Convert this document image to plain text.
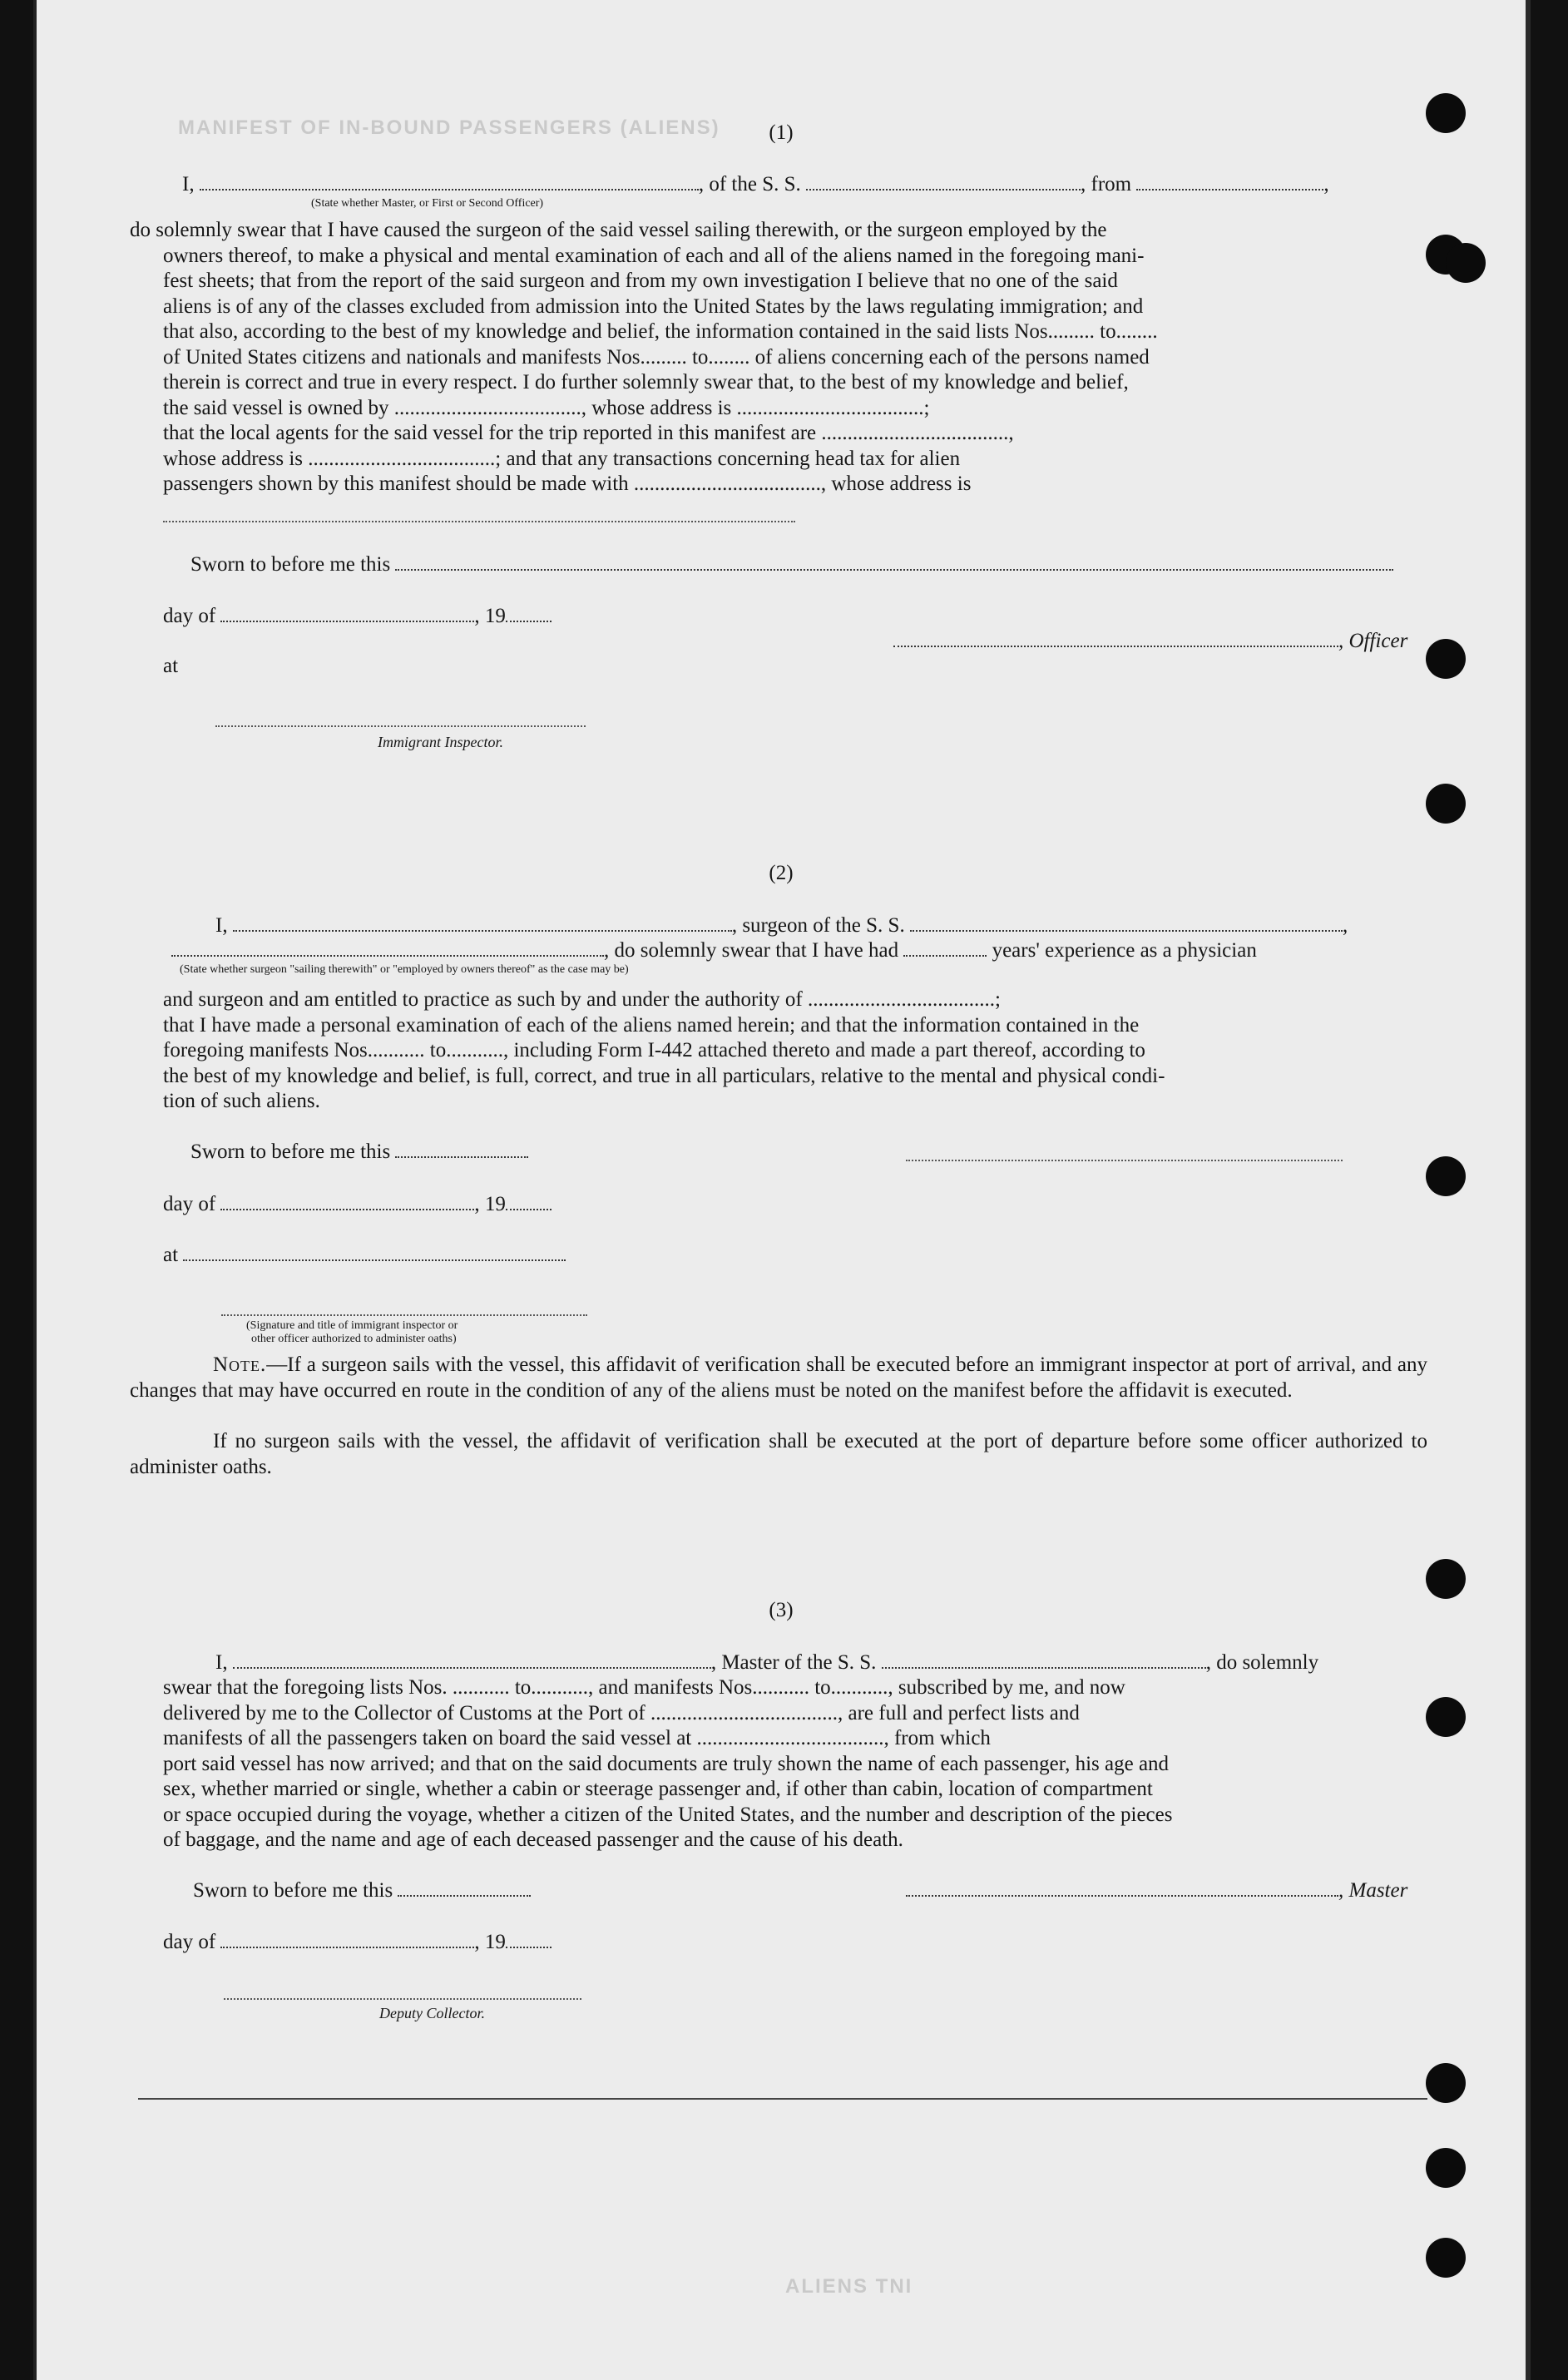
MANIFEST OF IN-BOUND PASSENGERS (ALIENS)
ALIENS TNI
(1)
I,	, of the S. S.	, from	,
(State whether Master, or First or Second Officer)
do solemnly swear that I have caused the surgeon of the said vessel sailing therewith, or the surgeon employed by the
owners thereof, to make a physical and mental examination of each and all of the aliens named in the foregoing mani-
fest sheets; that from the report of the said surgeon and from my own investigation I believe that no one of the said
aliens is of any of the classes excluded from admission into the United States by the laws regulating immigration; and
that also, according to the best of my knowledge and belief, the information contained in the said lists Nos......... to........
of United States citizens and nationals and manifests Nos......... to........ of aliens concerning each of the persons named
therein is correct and true in every respect. I do further solemnly swear that, to the best of my knowledge and belief,
the said vessel is owned by ...................................., whose address is ....................................;
that the local agents for the said vessel for the trip reported in this manifest are ....................................,
whose address is ....................................; and that any transactions concerning head tax for alien
passengers shown by this manifest should be made with ...................................., whose address is
Sworn to before me this
day of	, 19
, Officer
at
Immigrant Inspector.
(2)
I,	, surgeon of the S. S.	,
, do solemnly swear that I have had	years' experience as a physician
(State whether surgeon "sailing therewith" or "employed by owners thereof" as the case may be)
and surgeon and am entitled to practice as such by and under the authority of ....................................;
that I have made a personal examination of each of the aliens named herein; and that the information contained in the
foregoing manifests Nos........... to..........., including Form I-442 attached thereto and made a part thereof, according to
the best of my knowledge and belief, is full, correct, and true in all particulars, relative to the mental and physical condi-
tion of such aliens.
Sworn to before me this
day of	, 19
at
(Signature and title of immigrant inspector or
other officer authorized to administer oaths)
Note.—If a surgeon sails with the vessel, this affidavit of verification shall be executed before an immigrant inspector at port of arrival, and any changes that may have occurred en route in the condition of any of the aliens must be noted on the manifest before the affidavit is executed.
If no surgeon sails with the vessel, the affidavit of verification shall be executed at the port of departure before some officer authorized to administer oaths.
(3)
I,	, Master of the S. S.	, do solemnly
swear that the foregoing lists Nos. ........... to..........., and manifests Nos........... to..........., subscribed by me, and now
delivered by me to the Collector of Customs at the Port of ...................................., are full and perfect lists and
manifests of all the passengers taken on board the said vessel at ...................................., from which
port said vessel has now arrived; and that on the said documents are truly shown the name of each passenger, his age and
sex, whether married or single, whether a cabin or steerage passenger and, if other than cabin, location of compartment
or space occupied during the voyage, whether a citizen of the United States, and the number and description of the pieces
of baggage, and the name and age of each deceased passenger and the cause of his death.
Sworn to before me this	, Master
day of	, 19
Deputy Collector.
